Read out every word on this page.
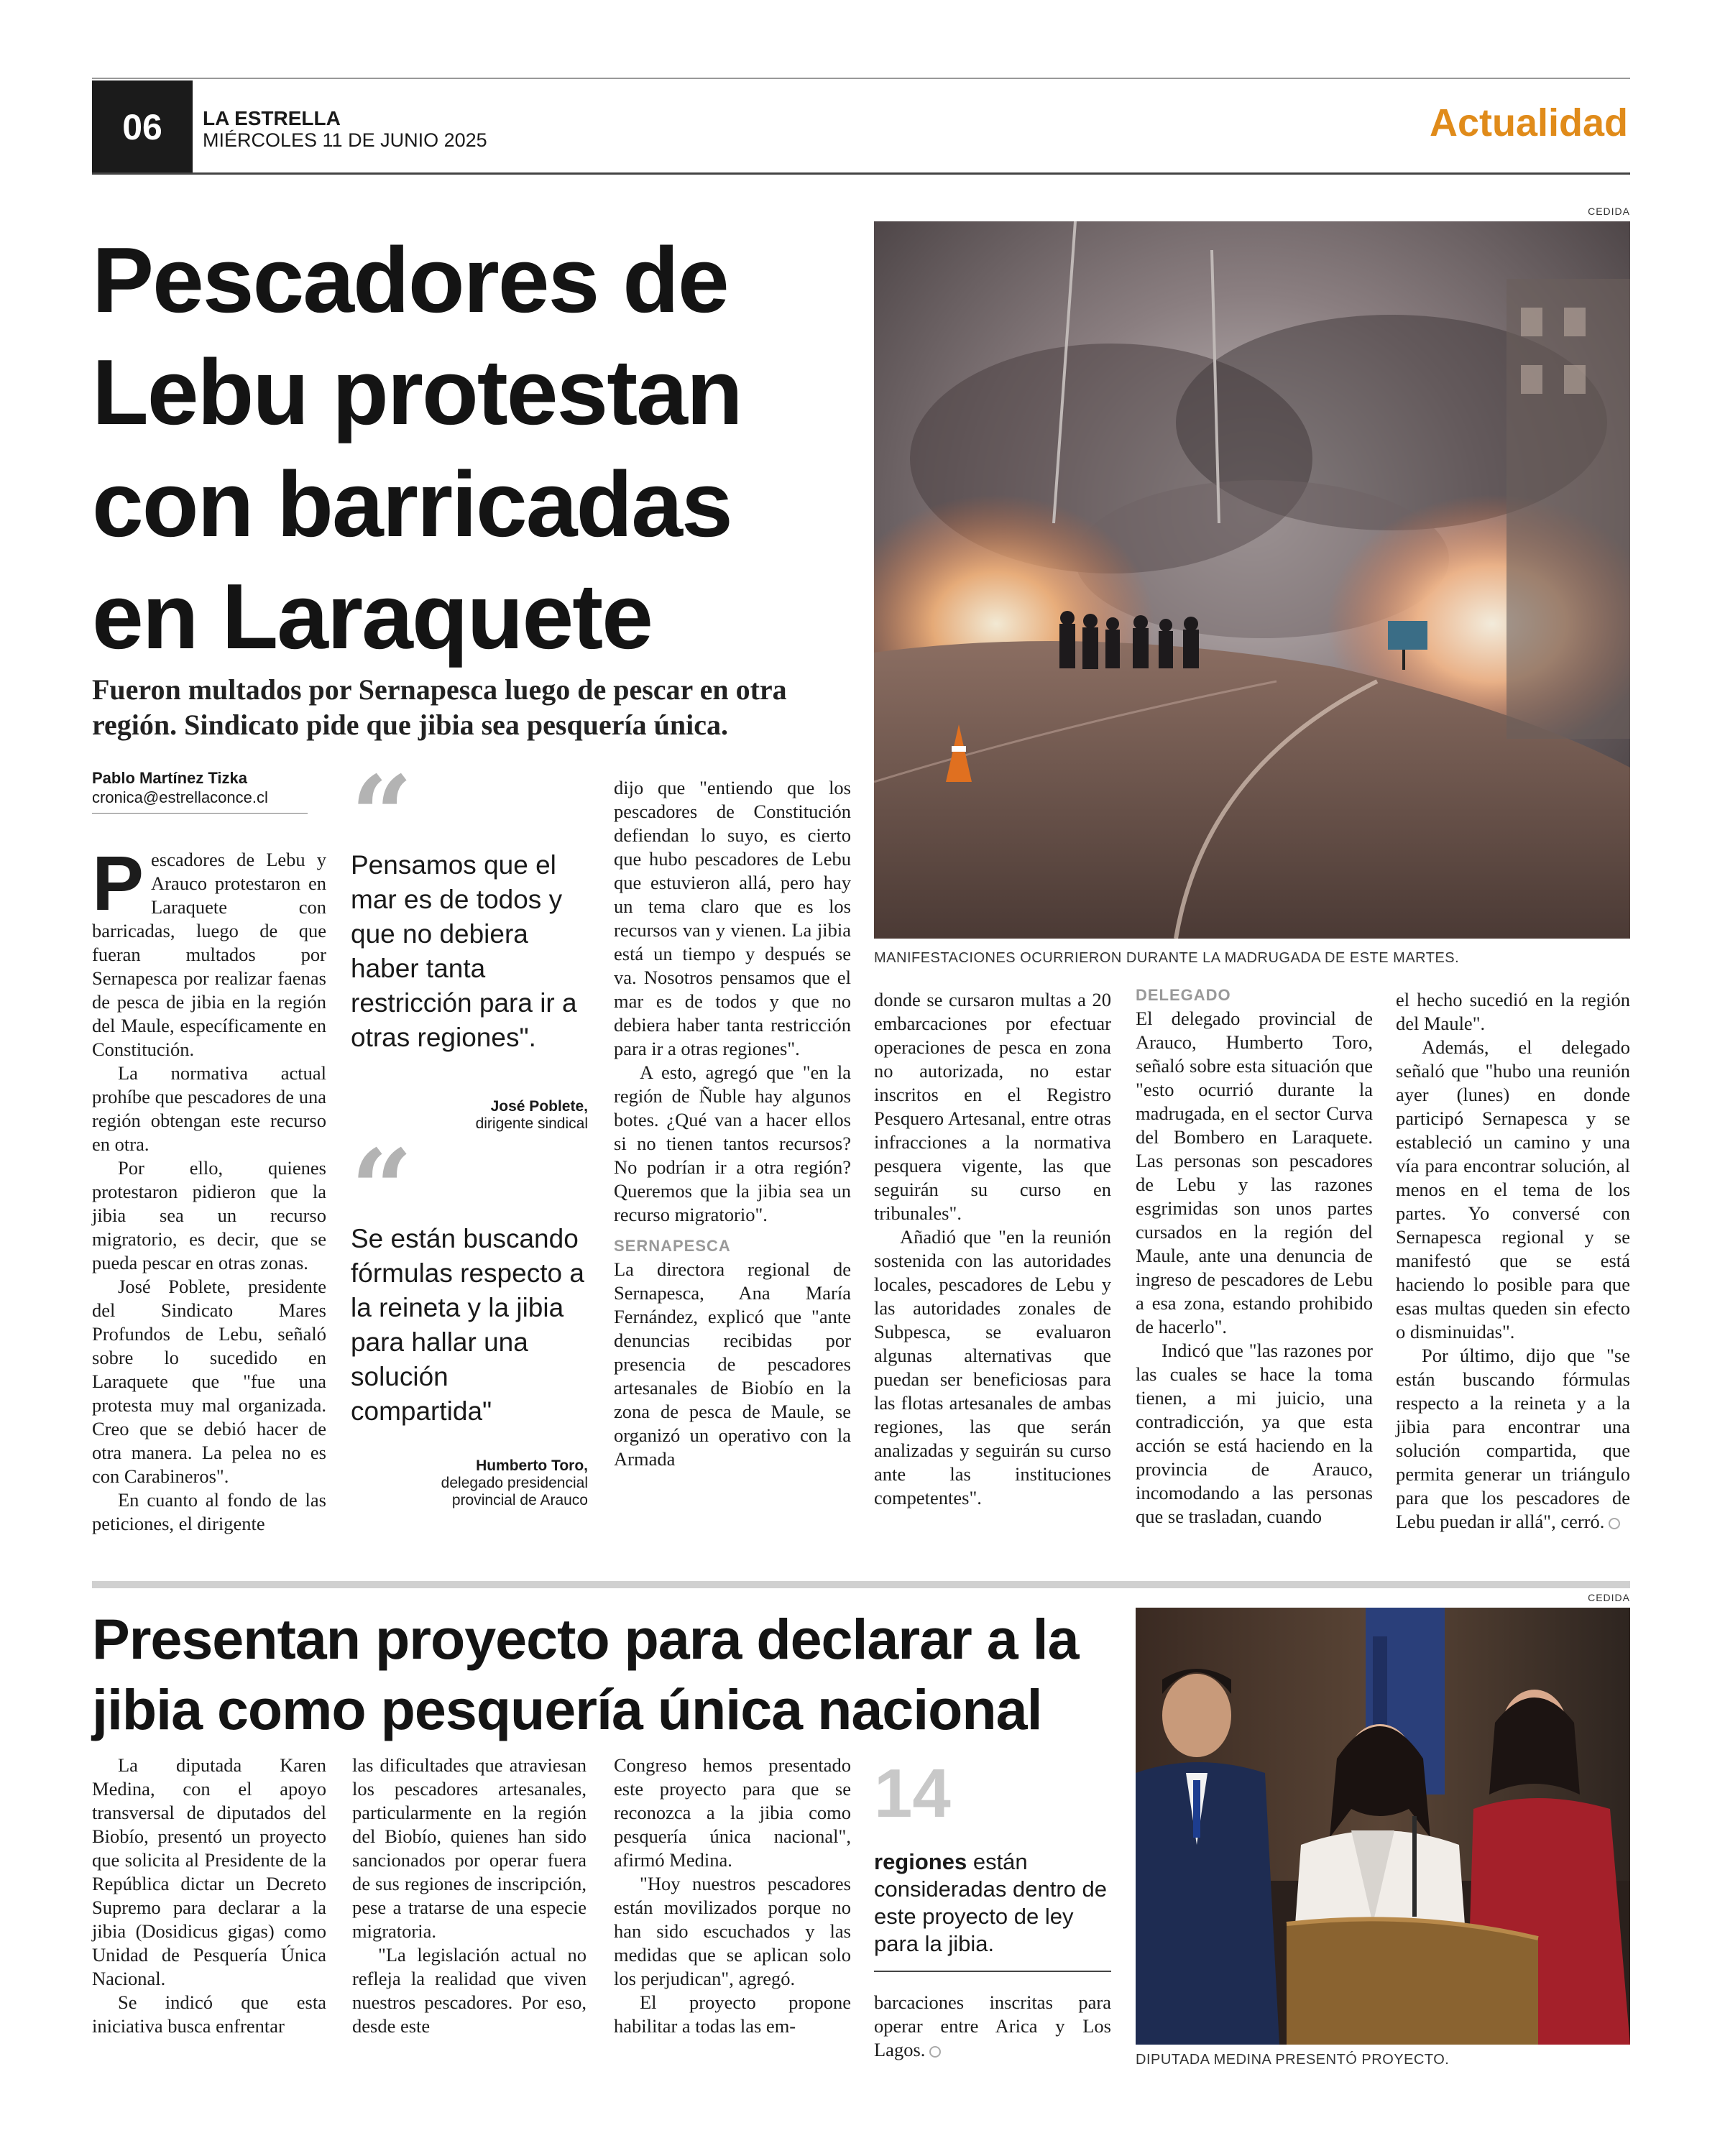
06	LA ESTRELLA
MIÉRCOLES 11 DE JUNIO 2025	Actualidad
Pescadores de Lebu protestan con barricadas en Laraquete
Fueron multados por Sernapesca luego de pescar en otra región. Sindicato pide que jibia sea pesquería única.
Pablo Martínez Tizka
cronica@estrellaconce.cl
CEDIDA
MANIFESTACIONES OCURRIERON DURANTE LA MADRUGADA DE ESTE MARTES.

Pescadores de Lebu y Arauco protestaron en Laraquete con barricadas, luego de que fueran multados por Sernapesca por realizar faenas de pesca de jibia en la región del Maule, específicamente en Constitución.

La normativa actual prohíbe que pescadores de una región obtengan este recurso en otra.

Por ello, quienes protestaron pidieron que la jibia sea un recurso migratorio, es decir, que se pueda pescar en otras zonas.

José Poblete, presidente del Sindicato Mares Profundos de Lebu, señaló sobre lo sucedido en Laraquete que "fue una protesta muy mal organizada. Creo que se debió hacer de otra manera. La pelea no es con Carabineros".

En cuanto al fondo de las peticiones, el dirigente

“
Pensamos que el mar es de todos y que no debiera haber tanta restricción para ir a otras regiones".
José Poblete,
dirigente sindical
“
Se están buscando fórmulas respecto a la reineta y la jibia para hallar una solución compartida"
Humberto Toro,
delegado presidencial provincial de Arauco

dijo que "entiendo que los pescadores de Constitución defiendan lo suyo, es cierto que hubo pescadores de Lebu que estuvieron allá, pero hay un tema claro que es los recursos van y vienen. La jibia está un tiempo y después se va. Nosotros pensamos que el mar es de todos y que no debiera haber tanta restricción para ir a otras regiones".

A esto, agregó que "en la región de Ñuble hay algunos botes. ¿Qué van a hacer ellos si no tienen tantos recursos? No podrían ir a otra región? Queremos que la jibia sea un recurso migratorio".

SERNAPESCA

La directora regional de Sernapesca, Ana María Fernández, explicó que "ante denuncias recibidas por presencia de pescadores artesanales de Biobío en la zona de pesca de Maule, se organizó un operativo con la Armada

donde se cursaron multas a 20 embarcaciones por efectuar operaciones de pesca en zona no autorizada, no estar inscritos en el Registro Pesquero Artesanal, entre otras infracciones a la normativa pesquera vigente, las que seguirán su curso en tribunales".

Añadió que "en la reunión sostenida con las autoridades locales, pescadores de Lebu y las autoridades zonales de Subpesca, se evaluaron algunas alternativas que puedan ser beneficiosas para las flotas artesanales de ambas regiones, las que serán analizadas y seguirán su curso ante las instituciones competentes".

DELEGADO

El delegado provincial de Arauco, Humberto Toro, señaló sobre esta situación que "esto ocurrió durante la madrugada, en el sector Curva del Bombero en Laraquete. Las personas son pescadores de Lebu y las razones esgrimidas son unos partes cursados en la región del Maule, ante una denuncia de ingreso de pescadores de Lebu a esa zona, estando prohibido de hacerlo".

Indicó que "las razones por las cuales se hace la toma tienen, a mi juicio, una contradicción, ya que esta acción se está haciendo en la provincia de Arauco, incomodando a las personas que se trasladan, cuando

el hecho sucedió en la región del Maule".

Además, el delegado señaló que "hubo una reunión ayer (lunes) en donde participó Sernapesca y se estableció un camino y una vía para encontrar solución, al menos en el tema de los partes. Yo conversé con Sernapesca regional y se manifestó que se está haciendo lo posible para que esas multas queden sin efecto o disminuidas".

Por último, dijo que "se están buscando fórmulas respecto a la reineta y a la jibia para encontrar una solución compartida, que permita generar un triángulo para que los pescadores de Lebu puedan ir allá", cerró.

Presentan proyecto para declarar a la jibia como pesquería única nacional

La diputada Karen Medina, con el apoyo transversal de diputados del Biobío, presentó un proyecto que solicita al Presidente de la República dictar un Decreto Supremo para declarar a la jibia (Dosidicus gigas) como Unidad de Pesquería Única Nacional.

Se indicó que esta iniciativa busca enfrentar

las dificultades que atraviesan los pescadores artesanales, particularmente en la región del Biobío, quienes han sido sancionados por operar fuera de sus regiones de inscripción, pese a tratarse de una especie migratoria.

"La legislación actual no refleja la realidad que viven nuestros pescadores. Por eso, desde este

Congreso hemos presentado este proyecto para que se reconozca a la jibia como pesquería única nacional", afirmó Medina.

"Hoy nuestros pescadores están movilizados porque no han sido escuchados y las medidas que se aplican solo los perjudican", agregó.

El proyecto propone habilitar a todas las em-

14
regiones están consideradas dentro de este proyecto de ley para la jibia.

barcaciones inscritas para operar entre Arica y Los Lagos.

CEDIDA
DIPUTADA MEDINA PRESENTÓ PROYECTO.
